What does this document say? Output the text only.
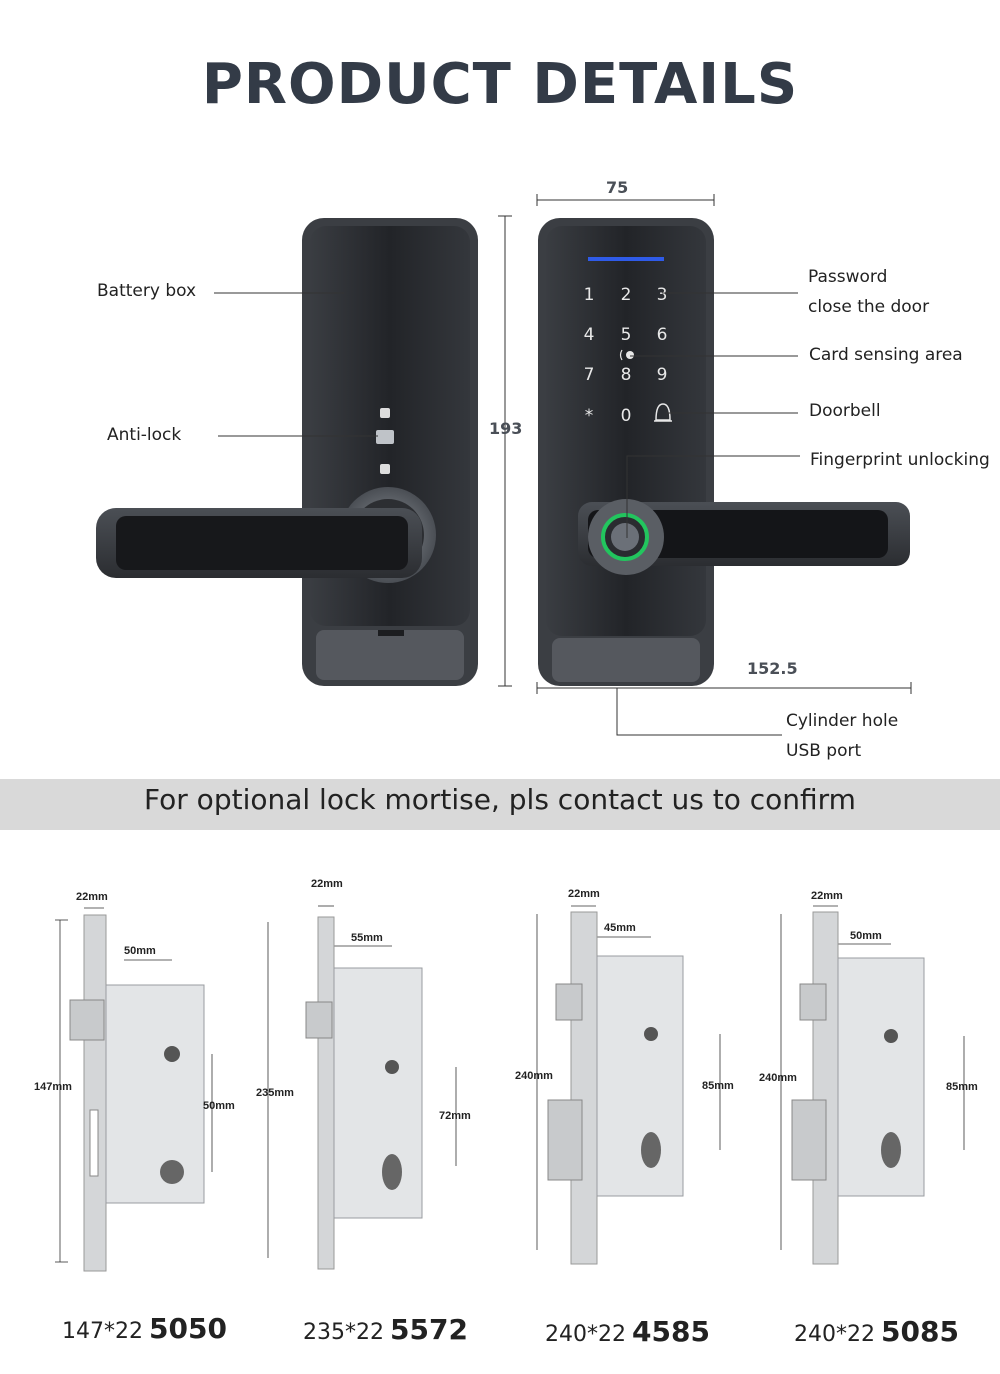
PRODUCT DETAILS
1 2 3
4 5 6
7 8 9
* 0
Battery box
Anti-lock
Password
close the door
Card sensing area
Doorbell
Fingerprint unlocking
Cylinder hole
USB port
75
193
152.5
For optional lock mortise, pls contact us to confirm
22mm
50mm
147mm
50mm
22mm
55mm
235mm
72mm
22mm
45mm
240mm
85mm
22mm
50mm
240mm
85mm
147*22 5050	235*22 5572	240*22 4585	240*22 5085
